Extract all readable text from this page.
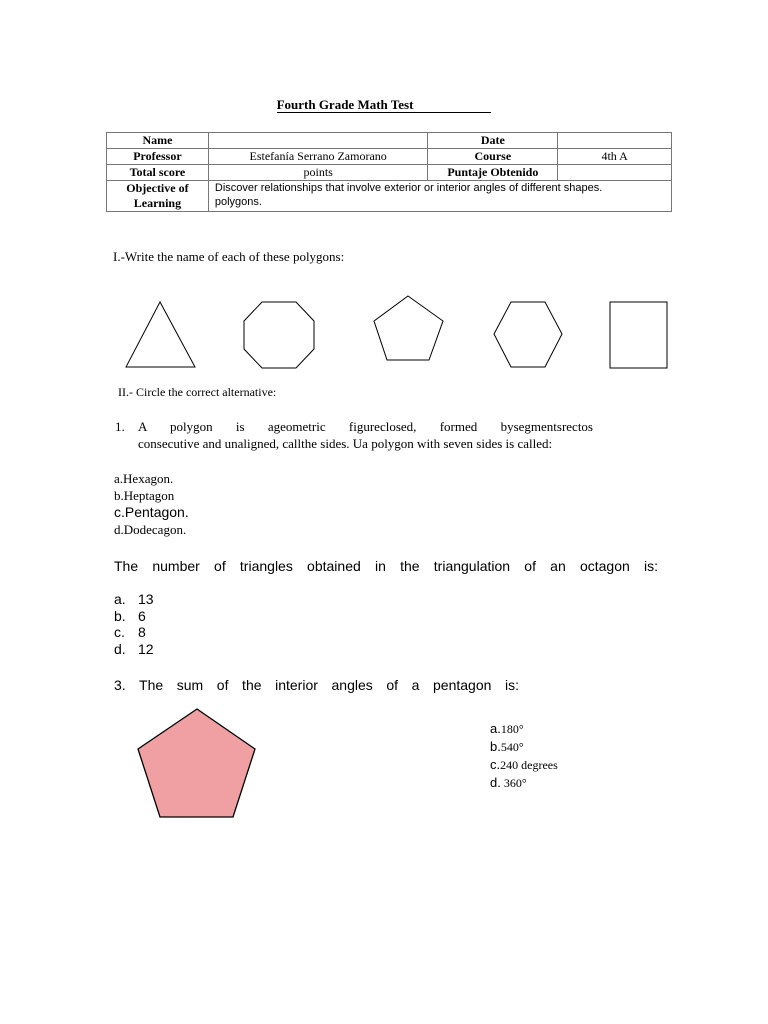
Fourth Grade Math Test
Name		Date	
Professor	Estefanía Serrano Zamorano	Course	4th A
Total score	points	Puntaje Obtenido	
Objective of
Learning	Discover relationships that involve exterior or interior angles of different shapes.
polygons.		
I.-Write the name of each of these polygons:
II.- Circle the correct alternative:
1. A polygon is ageometric figureclosed, formed bysegmentsrectos
consecutive and unaligned, callthe sides. Ua polygon with seven sides is called:
a.Hexagon.
b.Heptagon
c.Pentagon.
d.Dodecagon.
The number of triangles obtained in the triangulation of an octagon is:
a. 13
b. 6
c. 8
d. 12
3. The sum of the interior angles of a pentagon is:
a.180°
b.540°
c.240 degrees
d. 360°
